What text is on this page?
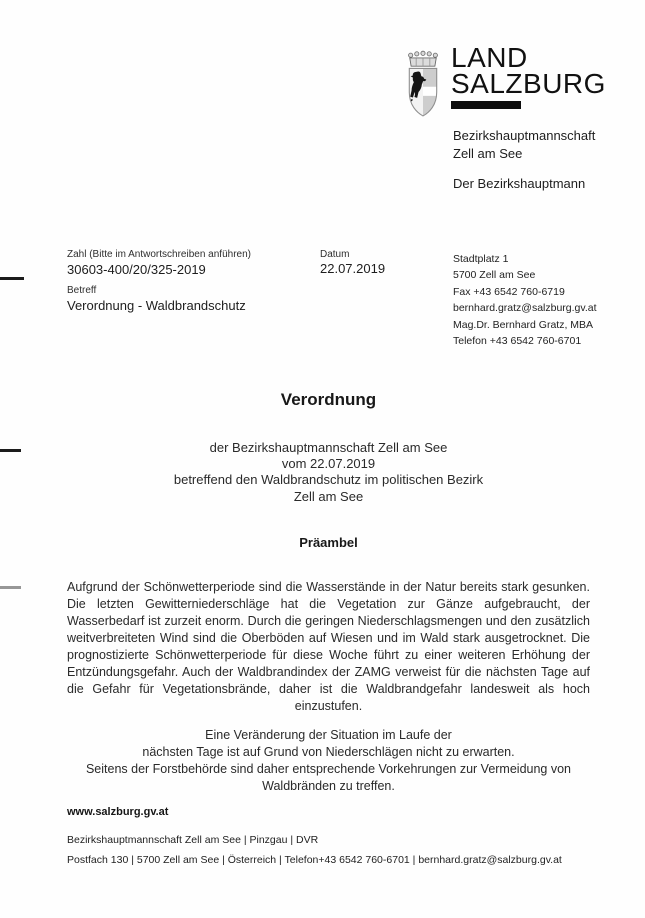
LAND
SALZBURG
Bezirkshauptmannschaft
Zell am See
Der Bezirkshauptmann
Zahl (Bitte im Antwortschreiben anführen)
30603-400/20/325-2019
Betreff
Verordnung - Waldbrandschutz
Datum
22.07.2019
Stadtplatz 1
5700 Zell am See
Fax +43 6542 760-6719
bernhard.gratz@salzburg.gv.at
Mag.Dr. Bernhard Gratz, MBA
Telefon +43 6542 760-6701
Verordnung
der Bezirkshauptmannschaft Zell am See
vom 22.07.2019
betreffend den Waldbrandschutz im politischen Bezirk
Zell am See
Präambel

Aufgrund der Schönwetterperiode sind die Wasserstände in der Natur bereits stark gesunken. Die letzten Gewitterniederschläge hat die Vegetation zur Gänze aufgebraucht, der Wasserbedarf ist zurzeit enorm. Durch die geringen Niederschlagsmengen und den zusätzlich weitverbreiteten Wind sind die Oberböden auf Wiesen und im Wald stark ausgetrocknet. Die prognostizierte Schönwetterperiode für diese Woche führt zu einer weiteren Erhöhung der Entzündungsgefahr. Auch der Waldbrandindex der ZAMG verweist für die nächsten Tage auf die Gefahr für Vegetationsbrände, daher ist die Waldbrandgefahr landesweit als hoch einzustufen.

Eine Veränderung der Situation im Laufe der
nächsten Tage ist auf Grund von Niederschlägen nicht zu erwarten.
Seitens der Forstbehörde sind daher entsprechende Vorkehrungen zur Vermeidung von
Waldbränden zu treffen.
www.salzburg.gv.at
Bezirkshauptmannschaft Zell am See | Pinzgau | DVR
Postfach 130 | 5700 Zell am See | Österreich | Telefon+43 6542 760-6701 | bernhard.gratz@salzburg.gv.at
